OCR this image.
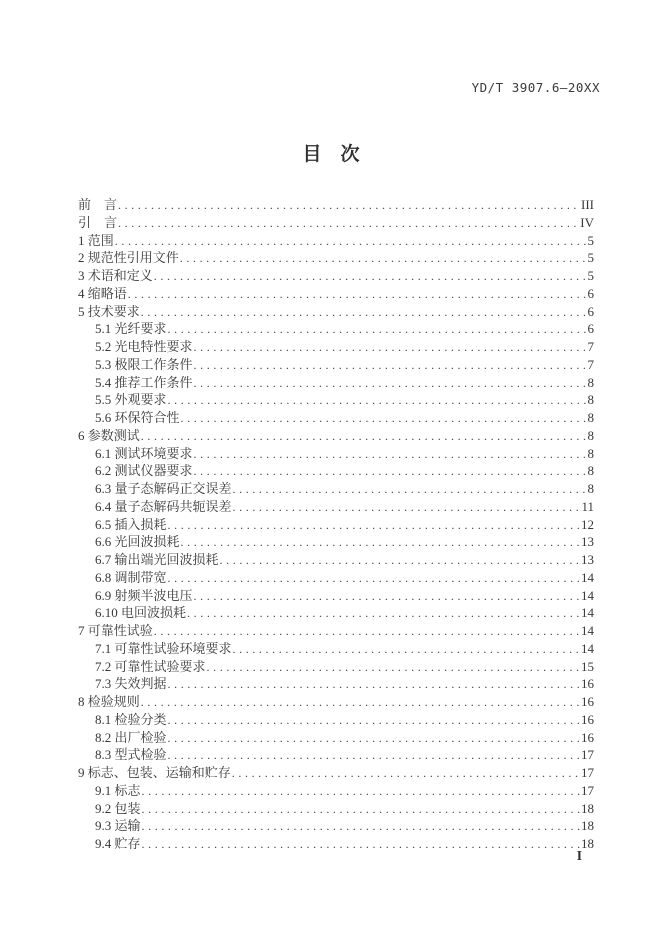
YD/T 3907.6—20XX
目　次
前　言 .....	III
引　言 .....	IV
1 范围 .....	5
2 规范性引用文件 .....	5
3 术语和定义 .....	5
4 缩略语 .....	6
5 技术要求 .....	6
5.1 光纤要求 .....	6
5.2 光电特性要求 .....	7
5.3 极限工作条件 .....	7
5.4 推荐工作条件 .....	8
5.5 外观要求 .....	8
5.6 环保符合性 .....	8
6 参数测试 .....	8
6.1 测试环境要求 .....	8
6.2 测试仪器要求 .....	8
6.3 量子态解码正交误差 .....	8
6.4 量子态解码共轭误差 .....	11
6.5 插入损耗 .....	12
6.6 光回波损耗 .....	13
6.7 输出端光回波损耗 .....	13
6.8 调制带宽 .....	14
6.9 射频半波电压 .....	14
6.10 电回波损耗 .....	14
7 可靠性试验 .....	14
7.1 可靠性试验环境要求 .....	14
7.2 可靠性试验要求 .....	15
7.3 失效判据 .....	16
8 检验规则 .....	16
8.1 检验分类 .....	16
8.2 出厂检验 .....	16
8.3 型式检验 .....	17
9 标志、包装、运输和贮存 .....	17
9.1 标志 .....	17
9.2 包装 .....	18
9.3 运输 .....	18
9.4 贮存 .....	18
I
